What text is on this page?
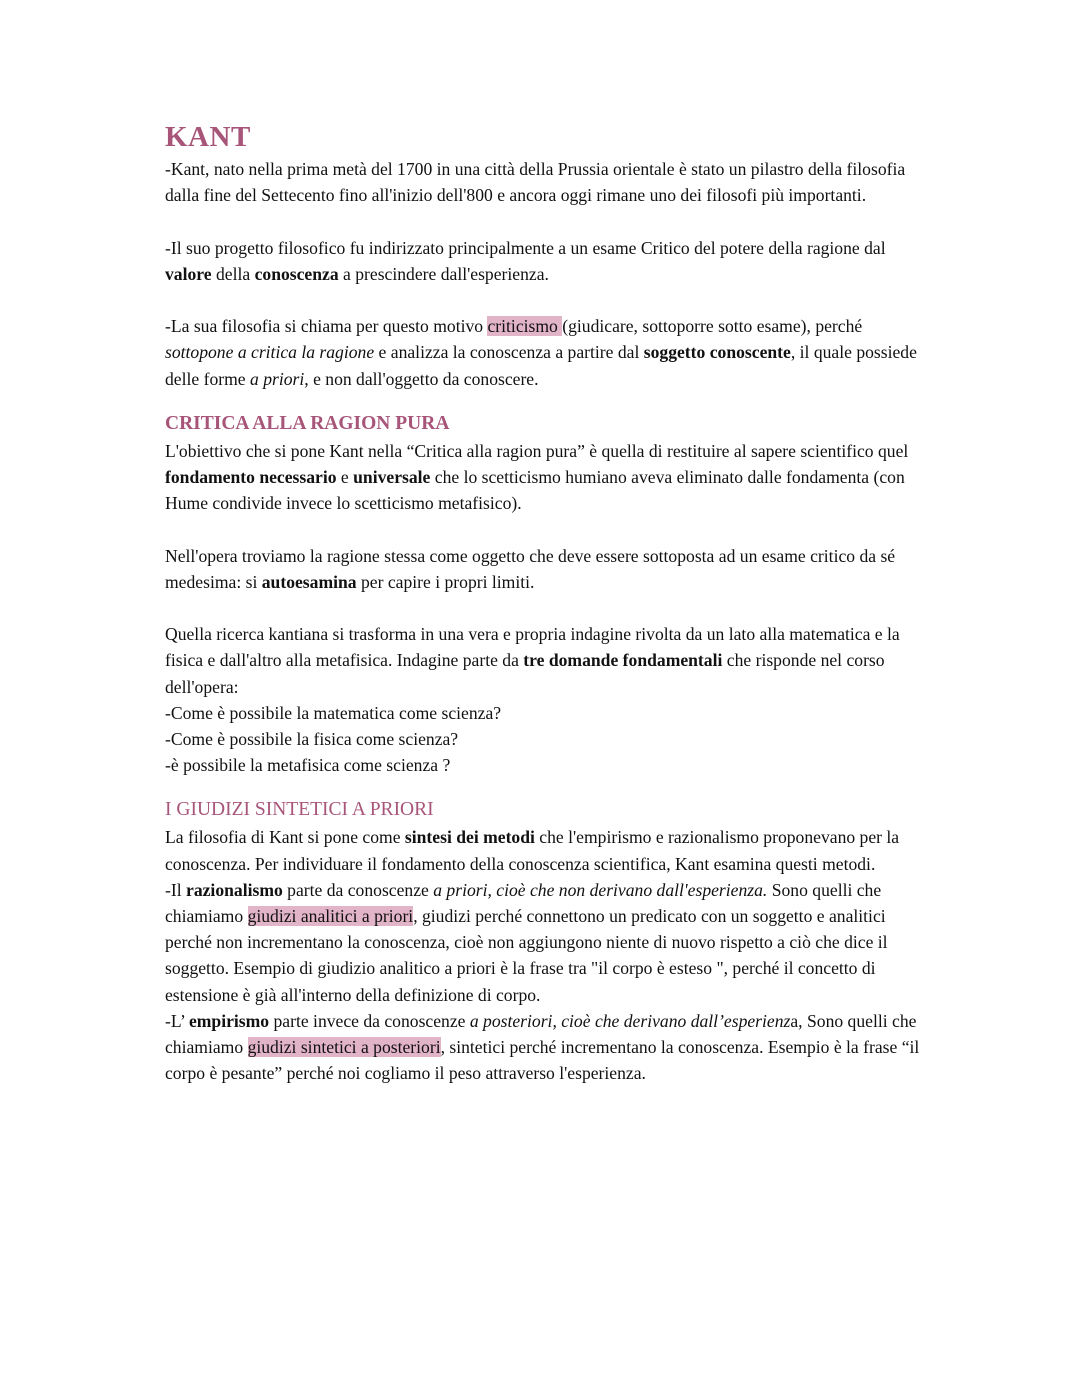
KANT

-Kant, nato nella prima metà del 1700 in una città della Prussia orientale è stato un pilastro della filosofia dalla fine del Settecento fino all'inizio dell'800 e ancora oggi rimane uno dei filosofi più importanti.

-Il suo progetto filosofico fu indirizzato principalmente a un esame Critico del potere della ragione dal valore della conoscenza a prescindere dall'esperienza.

-La sua filosofia si chiama per questo motivo criticismo (giudicare, sottoporre sotto esame), perché sottopone a critica la ragione e analizza la conoscenza a partire dal soggetto conoscente, il quale possiede delle forme a priori, e non dall'oggetto da conoscere.

CRITICA ALLA RAGION PURA

L'obiettivo che si pone Kant nella “Critica alla ragion pura” è quella di restituire al sapere scientifico quel fondamento necessario e universale che lo scetticismo humiano aveva eliminato dalle fondamenta (con Hume condivide invece lo scetticismo metafisico).

Nell'opera troviamo la ragione stessa come oggetto che deve essere sottoposta ad un esame critico da sé medesima: si autoesamina per capire i propri limiti.

Quella ricerca kantiana si trasforma in una vera e propria indagine rivolta da un lato alla matematica e la fisica e dall'altro alla metafisica. Indagine parte da tre domande fondamentali che risponde nel corso dell'opera:

-Come è possibile la matematica come scienza?

-Come è possibile la fisica come scienza?

-è possibile la metafisica come scienza ?

I GIUDIZI SINTETICI A PRIORI

La filosofia di Kant si pone come sintesi dei metodi che l'empirismo e razionalismo proponevano per la conoscenza. Per individuare il fondamento della conoscenza scientifica, Kant esamina questi metodi.

-Il razionalismo parte da conoscenze a priori, cioè che non derivano dall'esperienza. Sono quelli che chiamiamo giudizi analitici a priori, giudizi perché connettono un predicato con un soggetto e analitici perché non incrementano la conoscenza, cioè non aggiungono niente di nuovo rispetto a ciò che dice il soggetto. Esempio di giudizio analitico a priori è la frase tra "il corpo è esteso ", perché il concetto di estensione è già all'interno della definizione di corpo.

-L’ empirismo parte invece da conoscenze a posteriori, cioè che derivano dall’esperienza, Sono quelli che chiamiamo giudizi sintetici a posteriori, sintetici perché incrementano la conoscenza. Esempio è la frase “il corpo è pesante” perché noi cogliamo il peso attraverso l'esperienza.
